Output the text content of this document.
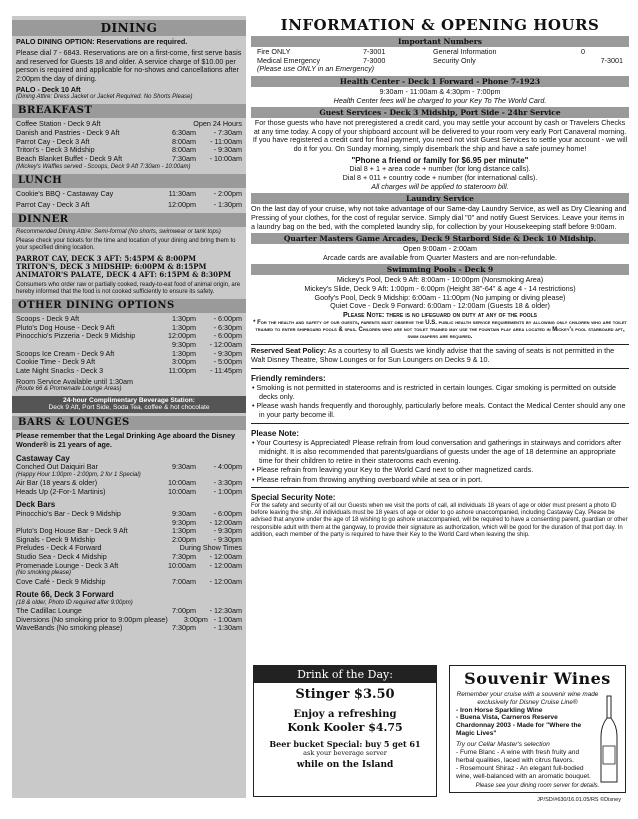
DINING
PALO DINING OPTION: Reservations are required.
Please dial 7 - 6843. Reservations are on a first-come, first serve basis and reserved for Guests 18 and older. A service charge of $10.00 per person is required and applicable for no-shows and cancellations after 2:00pm the day of dining.
PALO - Deck 10 Aft
(Dining Attire: Dress Jacket or Jacket Required. No Shorts Please)
BREAKFAST
Coffee Station - Deck 9 Aft	Open 24 Hours
Danish and Pastries - Deck 9 Aft	6:30am	- 7:30am
Parrot Cay - Deck 3 Aft	8:00am	- 11:00am
Triton's - Deck 3 Midship	8:00am	- 9:30am
Beach Blanket Buffet - Deck 9 Aft	7:30am	- 10:00am
(Mickey's Waffles served - Scoops, Deck 9 Aft 7:30am - 10:00am)
LUNCH
Cookie's BBQ - Castaway Cay	11:30am	- 2:00pm
Parrot Cay - Deck 3 Aft	12:00pm	- 1:30pm
DINNER
Recommended Dining Attire: Semi-formal (No shorts, swimwear or tank tops)
Please check your tickets for the time and location of your dining and bring them to your specified dining location.
PARROT CAY, DECK 3 AFT: 5:45PM & 8:00PM
TRITON'S, DECK 3 MIDSHIP: 6:00PM & 8:15PM
ANIMATOR'S PALATE, DECK 4 AFT: 6:15PM & 8:30PM
Consumers who order raw or partially cooked, ready-to-eat food of animal origin, are hereby informed that the food is not cooked sufficiently to ensure its safety.
OTHER DINING OPTIONS
Scoops - Deck 9 Aft	1:30pm	- 6:00pm
Pluto's Dog House - Deck 9 Aft	1:30pm	- 6:30pm
Pinocchio's Pizzeria - Deck 9 Midship	12:00pm	- 6:00pm
9:30pm	- 12:00am
Scoops Ice Cream - Deck 9 Aft	1:30pm	- 9:30pm
Cookie Time - Deck 9 Aft	3:00pm	- 5:00pm
Late Night Snacks - Deck 3	11:00pm	- 11:45pm
Room Service Available until 1:30am
(Route 66 & Promenade Lounge Areas)
24-hour Complimentary Beverage Station:
Deck 9 Aft, Port Side, Soda Tea, coffee & hot chocolate
BARS & LOUNGES
Please remember that the Legal Drinking Age aboard the Disney Wonder® is 21 years of age.
Castaway Cay
Conched Out Daiquiri Bar	9:30am	- 4:00pm
(Happy Hour 1:00pm - 2:00pm, 2 for 1 Special)
Air Bar (18 years & older)	10:00am	- 3:30pm
Heads Up (2-For-1 Martinis)	10:00am	- 1:00pm
Deck Bars
Pinocchio's Bar - Deck 9 Midship	9:30am	- 6:00pm
9:30pm	- 12:00am
Pluto's Dog House Bar - Deck 9 Aft	1:30pm	- 9:30pm
Signals - Deck 9 Midship	2:00pm	- 9:30pm
Preludes - Deck 4 Forward	During Show Times
Studio Sea - Deck 4 Midship	7:30pm	- 12:00am
Promenade Lounge - Deck 3 Aft	10:00am	- 12:00am
(No smoking please)
Cove Café - Deck 9 Midship	7:00am	- 12:00am
Route 66, Deck 3 Forward
(18 & older, Photo ID required after 9:00pm)
The Cadillac Lounge	7:00pm	- 12:30am
Diversions (No smoking prior to 9:00pm please)	3:00pm - 1:00am
WaveBands (No smoking please)	7:30pm	- 1:30am
INFORMATION & OPENING HOURS
Important Numbers
Fire ONLY	7-3001	General Information	0
Medical Emergency	7-3000	Security Only	7-3001
(Please use ONLY in an Emergency)
Health Center - Deck 1 Forward - Phone 7-1923
9:30am - 11:00am & 4:30pm - 7:00pm
Health Center fees will be charged to your Key To The World Card.
Guest Services - Deck 3 Midship, Port Side - 24hr Service
For those guests who have not preregistered a credit card, you may settle your account by cash or Travelers Checks at any time today. A copy of your shipboard account will be delivered to your room very early Port Canaveral morning. If you have registered a credit card for final payment, you need not visit Guest Services to settle your account - we will do it for you. On Sunday morning, simply disembark the ship and have a safe journey home!
"Phone a friend or family for $6.95 per minute"
Dial 8 + 1 + area code + number (for long distance calls).
Dial 8 + 011 + country code + number (for international calls).
All charges will be applied to stateroom bill.
Laundry Service
On the last day of your cruise, why not take advantage of our Same-day Laundry Service, as well as Dry Cleaning and Pressing of your clothes, for the cost of regular service. Simply dial "0" and notify Guest Services. Leave your items in a laundry bag on the bed, with the completed laundry slip, for collection by your Housekeeping staff before 9:00am.
Quarter Masters Game Arcades, Deck 9 Starbord Side & Deck 10 Midship.
Open 9:00am - 2:00am
Arcade cards are available from Quarter Masters and are non-refundable.
Swimming Pools - Deck 9
Mickey's Pool, Deck 9 Aft: 8:00am - 10:00pm (Nonsmoking Area)
Mickey's Slide, Deck 9 Aft: 1:00pm - 6:00pm (Height 38"-64" & age 4 - 14 restrictions)
Goofy's Pool, Deck 9 Midship: 6:00am - 11:00pm (No jumping or diving please)
Quiet Cove - Deck 9 Forward: 6:00am - 12:00am (Guests 18 & older)
Please Note: there is no lifeguard on duty at any of the pools
* For the health and safety of our guests, parents must observe the U.S. public health service requirements by allowing only children who are toilet trained to enter shipboard pools & spas. Children who are not toilet trained may use the fountain play area located in Mickey's pool starboard aft, swim diapers are required.
Reserved Seat Policy: As a courtesy to all Guests we kindly advise that the saving of seats is not permitted in the Walt Disney Theatre, Show Lounges or for Sun Loungers on Decks 9 & 10.
Friendly reminders:
• Smoking is not permitted in staterooms and is restricted in certain lounges. Cigar smoking is permitted on outside decks only.
• Please wash hands frequently and thoroughly, particularly before meals. Contact the Medical Center should any one in your party become ill.
Please Note:
• Your Courtesy is Appreciated! Please refrain from loud conversation and gatherings in stairways and corridors after midnight. It is also recommended that parents/guardians of guests under the age of 18 determine an appropriate time for their children to retire in their staterooms each evening.
• Please refrain from leaving your Key to the World Card next to other magnetized cards.
• Please refrain from throwing anything overboard while at sea or in port.
Special Security Note:
For the safety and security of all our Guests when we visit the ports of call, all individuals 18 years of age or older must present a photo ID before leaving the ship. All individuals must be 18 years of age or older to go ashore unaccompanied, including Castaway Cay. Please be advised that anyone under the age of 18 wishing to go ashore unaccompanied, will be required to have a consenting parent, guardian or other responsible adult with them at the gangway, to provide their signature as authorization, which will be good for the duration of that port day. In addition, each member of the party is required to have their Key to the World Card when leaving the ship.
Drink of the Day:
Stinger $3.50
Enjoy a refreshing
Konk Kooler $4.75
Beer bucket Special: buy 5 get 61
ask your beverage server
while on the Island
Souvenir Wines
Remember your cruise with a souvenir wine made exclusively for Disney Cruise Line®
- Iron Horse Sparkling Wine
- Buena Vista, Carneros Reserve Chardonnay 2003 - Made for "Where the Magic Lives"
Try our Cellar Master's selection
- Fume Blanc - A wine with fresh fruity and herbal qualities, laced with citrus flavors.
- Rosemount Shiraz - An elegant full-bodied wine, well-balanced with an aromatic bouquet.
Please see your dining room server for details.
JP/SD/#630/16.01.05/RS ©Disney
